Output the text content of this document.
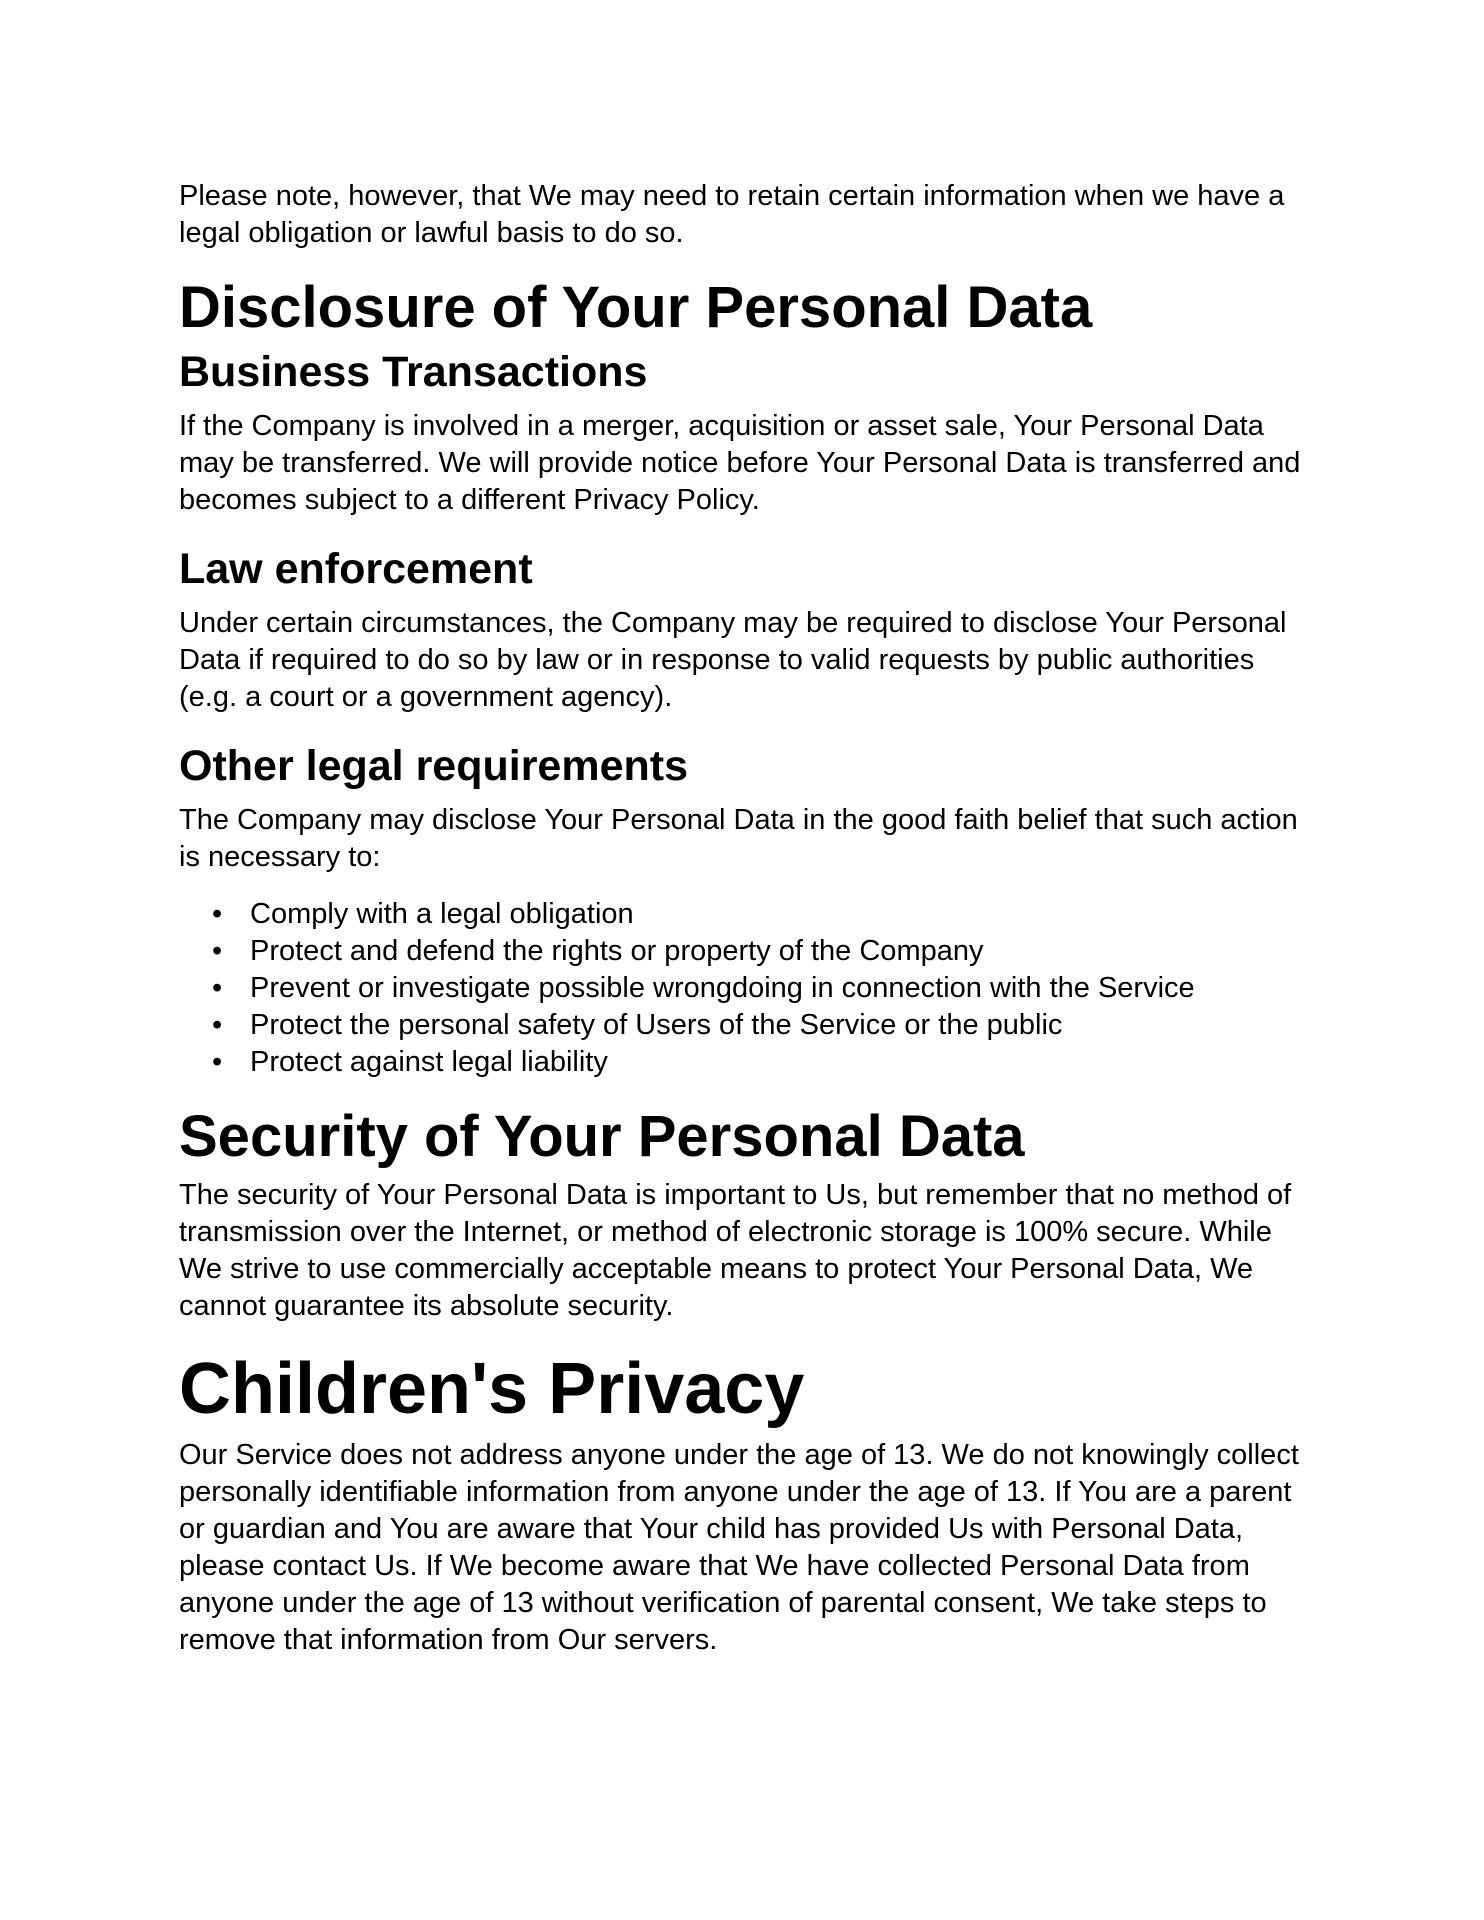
Please note, however, that We may need to retain certain information when we have a legal obligation or lawful basis to do so.

Disclosure of Your Personal Data
Business Transactions

If the Company is involved in a merger, acquisition or asset sale, Your Personal Data may be transferred. We will provide notice before Your Personal Data is transferred and becomes subject to a different Privacy Policy.

Law enforcement

Under certain circumstances, the Company may be required to disclose Your Personal Data if required to do so by law or in response to valid requests by public authorities (e.g. a court or a government agency).

Other legal requirements

The Company may disclose Your Personal Data in the good faith belief that such action is necessary to:

• Comply with a legal obligation
• Protect and defend the rights or property of the Company
• Prevent or investigate possible wrongdoing in connection with the Service
• Protect the personal safety of Users of the Service or the public
• Protect against legal liability
Security of Your Personal Data

The security of Your Personal Data is important to Us, but remember that no method of transmission over the Internet, or method of electronic storage is 100% secure. While We strive to use commercially acceptable means to protect Your Personal Data, We cannot guarantee its absolute security.

Children's Privacy

Our Service does not address anyone under the age of 13. We do not knowingly collect personally identifiable information from anyone under the age of 13. If You are a parent or guardian and You are aware that Your child has provided Us with Personal Data, please contact Us. If We become aware that We have collected Personal Data from anyone under the age of 13 without verification of parental consent, We take steps to remove that information from Our servers.
